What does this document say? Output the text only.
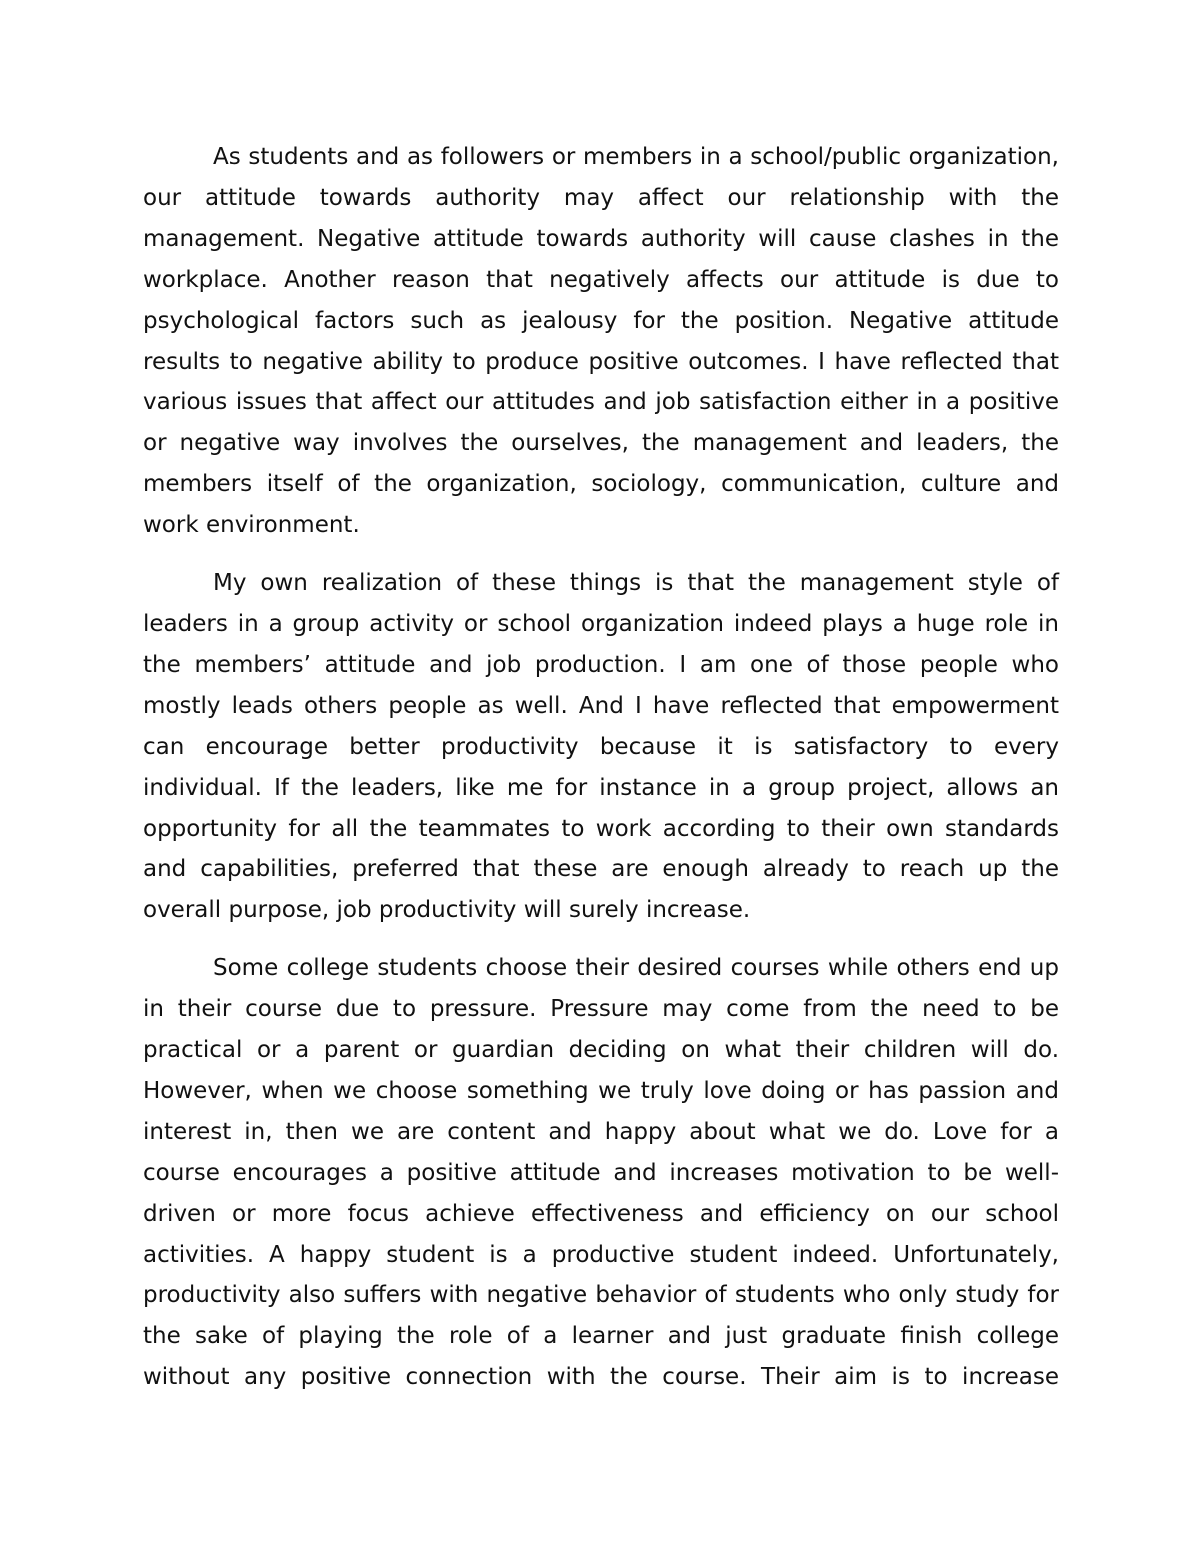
As students and as followers or members in a school/public organization, our attitude towards authority may affect our relationship with the management. Negative attitude towards authority will cause clashes in the workplace. Another reason that negatively affects our attitude is due to psychological factors such as jealousy for the position. Negative attitude results to negative ability to produce positive outcomes. I have reflected that various issues that affect our attitudes and job satisfaction either in a positive or negative way involves the ourselves, the management and leaders, the members itself of the organization, sociology, communication, culture and work environment.

My own realization of these things is that the management style of leaders in a group activity or school organization indeed plays a huge role in the members’ attitude and job production. I am one of those people who mostly leads others people as well. And I have reflected that empowerment can encourage better productivity because it is satisfactory to every individual. If the leaders, like me for instance in a group project, allows an opportunity for all the teammates to work according to their own standards and capabilities, preferred that these are enough already to reach up the overall purpose, job productivity will surely increase.

Some college students choose their desired courses while others end up in their course due to pressure. Pressure may come from the need to be practical or a parent or guardian deciding on what their children will do. However, when we choose something we truly love doing or has passion and interest in, then we are content and happy about what we do. Love for a course encourages a positive attitude and increases motivation to be well-driven or more focus achieve effectiveness and efficiency on our school activities. A happy student is a productive student indeed. Unfortunately, productivity also suffers with negative behavior of students who only study for the sake of playing the role of a learner and just graduate finish college without any positive connection with the course. Their aim is to increase
